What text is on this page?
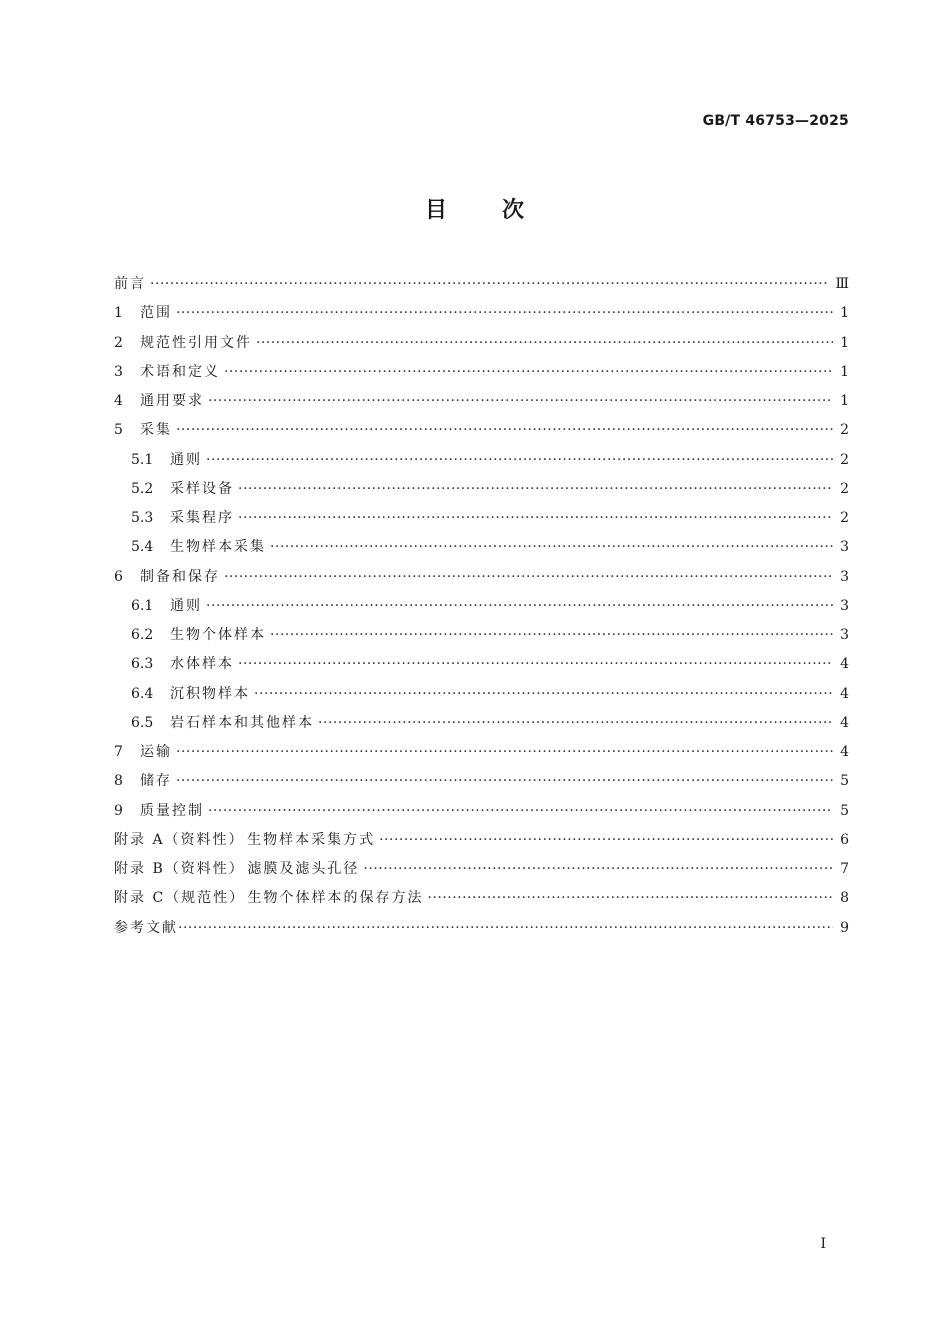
GB/T 46753—2025
目 次
前言 ·····	Ⅲ
1	范围 ·····	1
2	规范性引用文件 ·····	1
3	术语和定义 ·····	1
4	通用要求 ·····	1
5	采集 ·····	2
5.1	通则 ·····	2
5.2	采样设备 ·····	2
5.3	采集程序 ·····	2
5.4	生物样本采集 ·····	3
6	制备和保存 ·····	3
6.1	通则 ·····	3
6.2	生物个体样本 ·····	3
6.3	水体样本 ·····	4
6.4	沉积物样本 ·····	4
6.5	岩石样本和其他样本 ·····	4
7	运输 ·····	4
8	储存 ·····	5
9	质量控制 ·····	5
附录 A（资料性） 生物样本采集方式 ·····	6
附录 B（资料性） 滤膜及滤头孔径 ·····	7
附录 C（规范性） 生物个体样本的保存方法 ·····	8
参考文献 ·····	9
I
